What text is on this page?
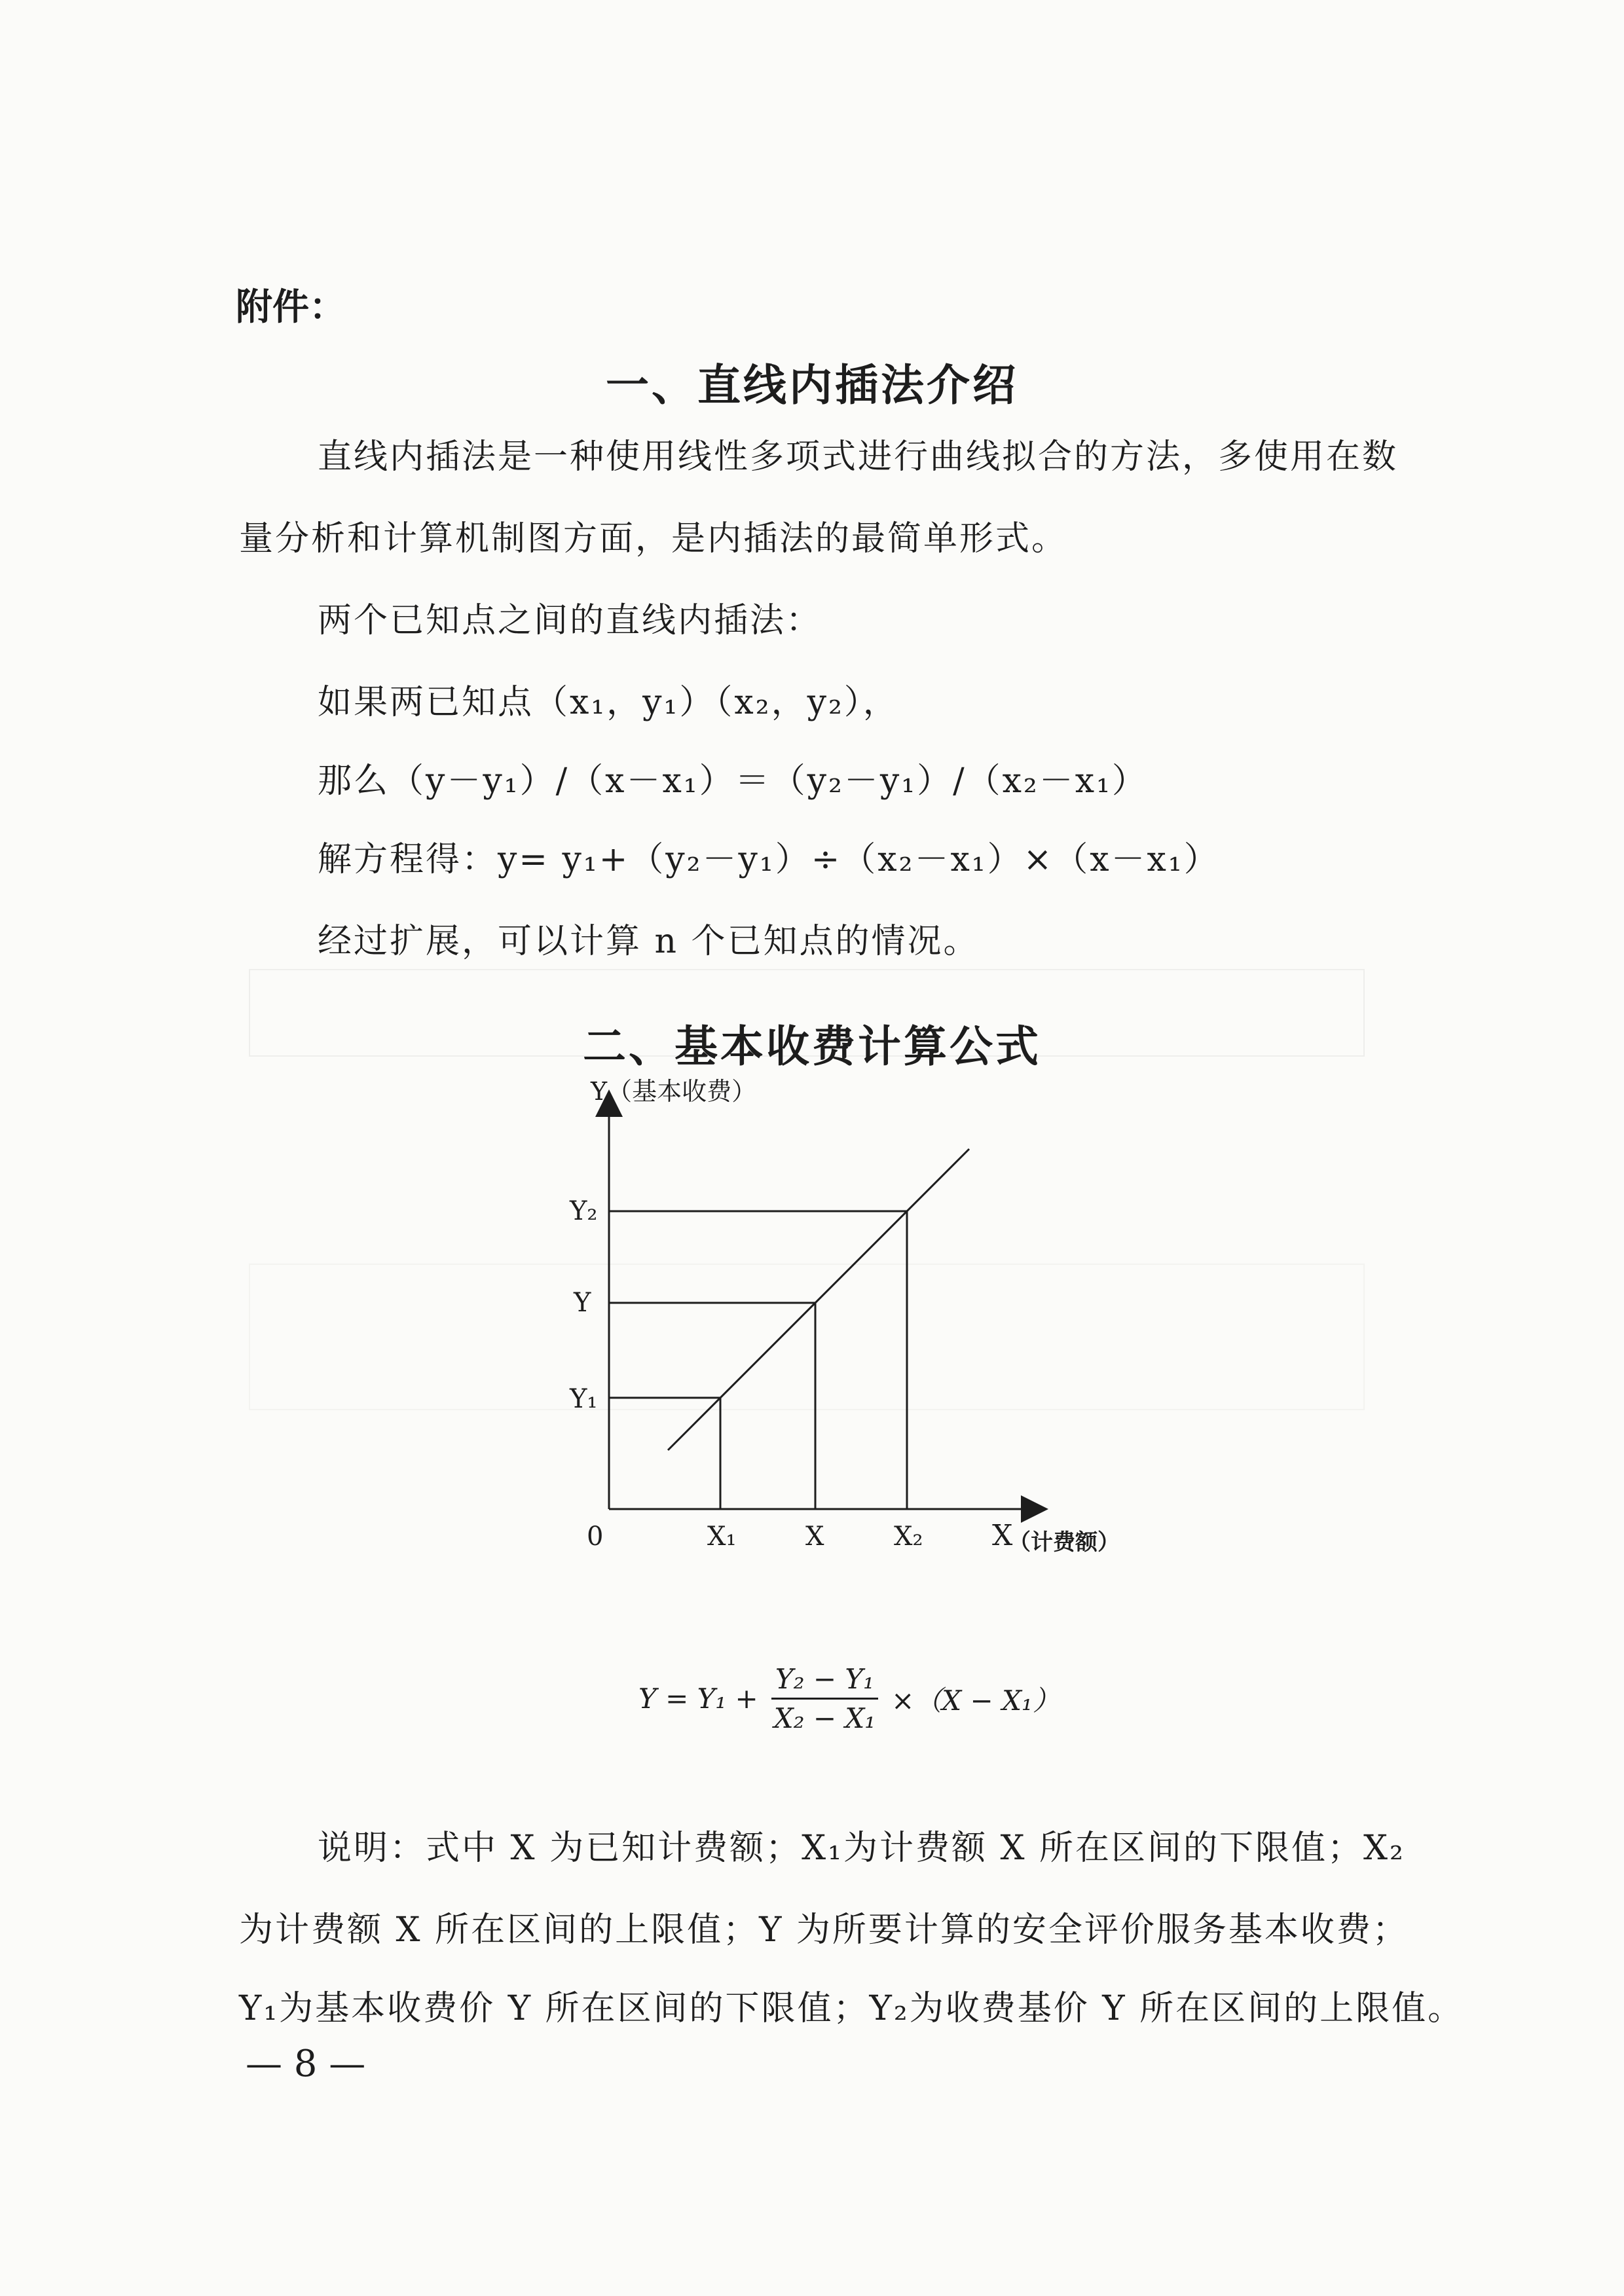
附件：
一、直线内插法介绍
直线内插法是一种使用线性多项式进行曲线拟合的方法，多使用在数
量分析和计算机制图方面，是内插法的最简单形式。
两个已知点之间的直线内插法：
如果两已知点（x₁，y₁）（x₂，y₂），
那么（y－y₁）/（x－x₁）＝（y₂－y₁）/（x₂－x₁）
解方程得：y= y₁+（y₂－y₁）÷（x₂－x₁）×（x－x₁）
经过扩展，可以计算 n 个已知点的情况。
二、基本收费计算公式
Y（基本收费）
Y₂
Y
Y₁
0	X₁	X	X₂ X
（计费额）
$Y = Y_1 + \frac{\text{Y₂ − Y₁}}{\text{X₂ − X₁}} \times(X - X_1)$
说明：式中 X 为已知计费额；X₁为计费额 X 所在区间的下限值；X₂
为计费额 X 所在区间的上限值；Y 为所要计算的安全评价服务基本收费；
Y₁为基本收费价 Y 所在区间的下限值；Y₂为收费基价 Y 所在区间的上限值。
— 8 —
